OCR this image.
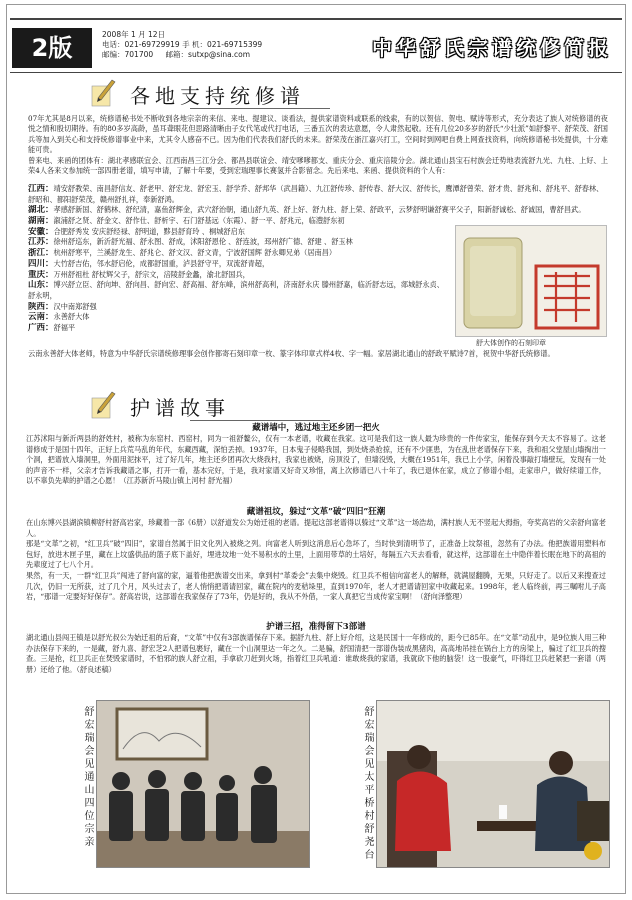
2版	2008年 1 月 12日
电话：021-69729919 手 机：021-69715399
邮编：701700 邮箱：sutxp@sina.com	中华舒氏宗谱统修简报
各地支持统修谱
07年尤其是8月以来，统修谱秘书处不断收到各地宗亲的来信、来电、提建议、谈看法，提供家谱资料或联系的线索，有的以贺信、贺电、赋诗等形式，充分表达了族人对统修谱的夜悦之情和殷切期待。有的80多岁高龄，虽耳聋眼花但思路清晰由子女代笔或代打电话，三番五次的表达意愿，令人肃然起敬。还有几位20多岁的舒氏“少壮派”如舒黎平、舒荣茂、舒国兵等加入到关心和支持统修谱事业中来，尤其令人感奋不已。因为他们代表我们舒氏的未来。舒荣茂在浙江嘉兴打工，空间时到网吧自费上网查找资料，向统修谱秘书处提供，十分难能可贵。
曾来电、来函的团体有：湖北孝感联宜会、江西南昌三江分会、都昌县联谊会、靖安嗲嗲都支、重庆分会、重庆涪陵分会。湖北通山县宝石村族会迁势地表流舒九光、九柱、上好、上荣4人各来文参加统一部四册老谱，填写申请，了解十年要，受到宏瑞理事长赛氢并合影留念。先后来电、来函、提供资料的个人有：
江西：靖安舒教荣、南昌舒信友、舒老甲、舒宏龙、舒宏玉、舒学乔、舒邦华（武昌籍）、九江舒传珍、舒传春、舒大汉、舒传长，鹰潭舒曾荣、舒才贵、舒兆和、舒兆平、舒春林、舒昭和、都阳舒荣茂，赣州舒扎祥，奉新舒鸿。
湖北：孝感舒新国、舒鹤林、舒纪清，嘉鱼舒辉金，武穴舒治朝，通山舒九英、舒上好、舒九柱、舒上荣、舒政平，云梦舒明谦舒赛平父子，阳新舒诚松、舒诚国，曹舒昌武。
湖南：溆浦舒之贤、舒金文、舒作仕、舒析宇、石门舒基远（东霞）、舒一平、舒兆元，临澧舒东初
安徽：合肥舒秀发 安庆舒经禄、舒明道，黟县舒育玲 、桐城舒启东
江苏：徐州舒巡东，新沂舒光福、舒永图、舒成，沭阳舒恩伦 、舒连波，邳州舒广德、舒建 、舒玉林
浙江：杭州舒寒平，兰溪舒龙生、舒兆仑、舒文汉、舒文青，宁波舒国辉 舒永卿兄弟（居南昌）
四川：大竹舒吉佑，邻水舒启伦，成都舒国重，泸县舒守平，双流舒青超，
重庆：万州舒祖杜 舒杖辉父子，舒宗文，涪陵舒金蠡，渝北舒国兵，
山东：博兴舒立臣、舒向坤、舒向昌、舒向宏、舒高福、舒东峰，滨州舒高利，济南舒永庆 滕州舒嘉，临沂舒志远，郯城舒永贞、舒永明，
陕西：汉中南郑舒强
云南：永善舒大体
广西：舒福平
舒大体创作的石刻印章
云南永善舒大体老师，特意为中华舒氏宗谱统修理事会创作都寄石刻印章一枚、篆字体印章式样4枚、字一幅。家居湖北通山的舒政平赋诗7首，祝贺中华舒氏统修谱。
护谱故事
藏谱墙中，逃过地主还乡团一把火
江苏沭阳与新沂两县的舒姓村，被称为东窑村、西窑村，同为一祖舒鳌公，仅有一本老谱，收藏在我家。这可是我们这一族人最为珍贵的一件传家宝，能保存到今天太不容易了。这老谱修成于是国十四年，正好上兵荒马乱的年代，东藏西藏，深怕丢掉。1937年，日本鬼子侵略我国，到处烧杀抢掠，还有不少匪患，为在乱世老谱保存下来，我和祖父堂屋山墙掏出一个洞，把谱放入墙洞里，外面用泥抹平，过了好几年，地主还乡团再次大烧我村，我家也被烧，房顶没了，但墙没毁，大概在1951年，我已上小学，闲着没事敲打墙壁玩，发现有一处的声音不一样，父亲才告诉我藏谱之事，打开一看，基本完好，于是，我对家谱又好奇又珍惜，离上次修谱已八十年了，我已退休在家，成立了修谱小组，走家串户，做好续谱工作，以不辜负先辈的护谱之心愿！（江苏新沂马陵山镇上河村 舒光福）
藏谱祖坟，躲过“文革”破“四旧”狂潮
在山东博兴县湖滨镇柳舒村舒高岩家，珍藏着一部《6册）以舒道发公为始迁祖的老谱。提起这部老谱得以躲过“文革”这一场浩劫，满村族人无不竖起大拇指，夸奖高岩的父亲舒向富老人。
那是“文革”之初，“红卫兵”破“四旧”，家谱自然属于旧文化列入被烧之列。向富老人听到这消息后心急坏了，当时快到清明节了，正准备上坟祭祖，忽然有了办法。他把族谱用塑料布包好，放进木匣子里，藏在上坟盛供品的篮子底下盖好，埋进坟地一处不易积水的土里，上面用带草的土培好，每隔五六天去看看，就这样，这部谱在土中隐伴着长眠在地下的高祖的先辈度过了七八个月。
果然，有一天，一群“红卫兵”闯进了舒向富的家，逼着他把族谱交出来，拿到村“革委会”去集中烧毁。红卫兵不相信向富老人的解释，就满屋翻腾，无果，只好走了。以后又来搜查过几次，仍旧一无所获，过了几个月，风头过去了，老人悄悄把谱请回家，藏在院内的麦秸垛里，直到1970年，老人才把谱请回家中收藏起来。1998年，老人临终前，再三嘱咐儿子高岩，“那谱一定要好好保存”。舒高岩说，这部谱在我家保存了73年，仍是好的，我从不外借，一家人真把它当成传家宝啊！（舒向泽整理）
护谱三招，准得留下3部谱
湖北通山县闯王镇是以舒光叔公为始迁祖的后裔，“文革”中仅有3部族谱保存下来。据舒九柱、舒上好介绍，这是民国十一年修成的，距今已85年。在“文革”动乱中，是9位族人用三种办法保存下来的，一是藏，舒九喜、舒宏芝2人把谱包裹好，藏在一个山洞里达一年之久。二是骗，舒国清把一部谱伪装成黑猪肉，高高地吊挂在锅台上方的房梁上，骗过了红卫兵的搜查。三是抢，红卫兵正在焚毁家谱时，不怕邪的族人舒立祖，手拿砍刀赶到火场，指着红卫兵吼道：谁敢烧我的家谱，我就砍下他的脑袋！这一股豪气，吓得红卫兵赶紧把一套谱（两册）还给了他。（舒良述稿）
舒宏瑞会见通山四位宗亲	舒宏瑞会见太平桥村舒尧台
